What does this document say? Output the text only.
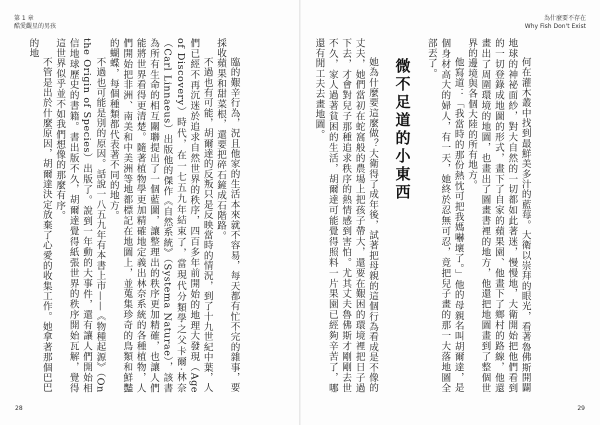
第 1 章
酷愛觀星的男孩
為什麼要不存在
Why Fish Don't Exist

何在灌木叢中找到最鮮美多汁的藍莓。大衛以崇拜的眼光，看著魯佛斯開闢地球的神祕面紗，對大自然的一切都如此著迷，慢慢地，大衛開始把他們看到的一切登錄成地圖的形式，畫下了自家的蘋果園、他畫下了鄉村的路線，他還畫出了周圍環境的地圖，也畫出了圖畫書裡的地方，他還把地圖畫到了整個世界的邊境與各個大陸的所有地方。

他寫道：「我當時的那份熱忱可把我媽嚇壞了。」他的母親名叫胡爾達，是個身材高大的婦人，有一天，她終於忍無可忍，竟把兒子畫的那一大落地圖全部丟了。

微不足道的小東西

她為什麼要這麼做？大衛得了成年後，試著把母親的這個行為看成是不像的丈夫，她們當初在蛇窩般的農場上把孩子帶大，還要在艱困的環境裡把日子過下去，才會對兒子那種追求秩序的熱情感到害怕。尤其丈夫魯佛斯才剛剛去世不久，家人過著貧困的生活，胡爾達可能覺得照料一片果園已經夠辛苦了，哪還有閒工夫去畫地圖。

臨的艱辛行為，況且他家的生活本來就不容易，每天都有忙不完的雜事，要採收蘋果和甜菜根，還要把碎石鏟成石階路。

不過也有可能，胡爾達的反叛只是反映當時的情況，到了十九世紀中葉，人們已經不再沉迷於追求自然世界的秩序，四百多年前開始的地理大發現（Age of Discovery）時代，在一七五九年結束了，當現代分類學之父卡爾‧林奈（Carl Linnaeus）出版他的傑作《自然系統》（Systema Naturae），該書為所有生命的相互關聯提出了一個藍圖，讓整理出的秩序更加精確，也讓人們能將世界看得更清楚。隨著植物學更加精確地定義出林奈系統的各種植物，人們開始把非洲、南美和中美洲等地都標記在地圖上，並蒐集珍奇的鳥類和鮮豔的蝴蝶，每個種類都代表著不同的地方。

不過也可能是別的原因。話說一八五九年有本書上市——《物種起源》（On the Origin of Species）出版了。說到一年動的大事件，還有讓人們開始相信地球歷史的書籍。書出版不久，胡爾達覺得紙張世界的秩序開始瓦解，覺得這世界似乎並不如我們想像的那麼有序。

不管是出於什麼原因，胡爾達決定放棄了心愛的收集工作。她拿著那個巴巴的地

28	29
